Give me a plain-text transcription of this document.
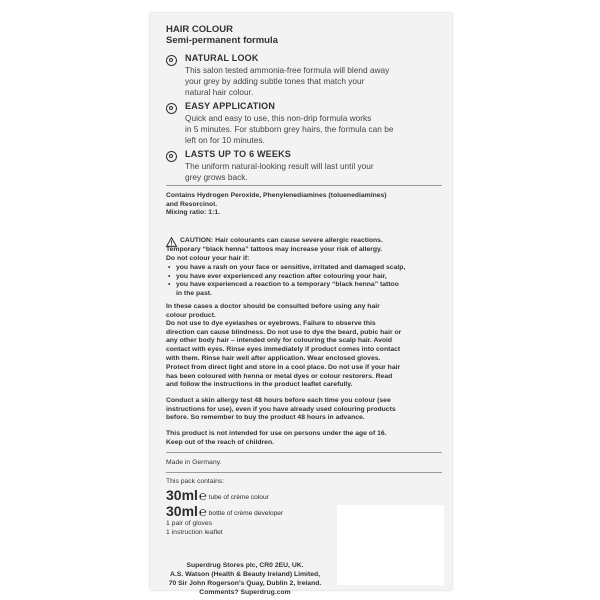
HAIR COLOUR
Semi-permanent formula
NATURAL LOOK
This salon tested ammonia-free formula will blend away
your grey by adding subtle tones that match your
natural hair colour.
EASY APPLICATION
Quick and easy to use, this non-drip formula works
in 5 minutes. For stubborn grey hairs, the formula can be
left on for 10 minutes.
LASTS UP TO 6 WEEKS
The uniform natural-looking result will last until your
grey grows back.
Contains Hydrogen Peroxide, Phenylenediamines (toluenediamines)
and Resorcinol.
Mixing ratio: 1:1.
CAUTION: Hair colourants can cause severe allergic reactions.
Temporary “black henna” tattoos may increase your risk of allergy.
Do not colour your hair if:
• you have a rash on your face or sensitive, irritated and damaged scalp,
• you have ever experienced any reaction after colouring your hair,
• you have experienced a reaction to a temporary “black henna” tattoo
in the past.
In these cases a doctor should be consulted before using any hair
colour product.
Do not use to dye eyelashes or eyebrows. Failure to observe this
direction can cause blindness. Do not use to dye the beard, pubic hair or
any other body hair – intended only for colouring the scalp hair. Avoid
contact with eyes. Rinse eyes immediately if product comes into contact
with them. Rinse hair well after application. Wear enclosed gloves.
Protect from direct light and store in a cool place. Do not use if your hair
has been coloured with henna or metal dyes or colour restorers. Read
and follow the instructions in the product leaflet carefully.
Conduct a skin allergy test 48 hours before each time you colour (see
instructions for use), even if you have already used colouring products
before. So remember to buy the product 48 hours in advance.
This product is not intended for use on persons under the age of 16.
Keep out of the reach of children.
Made in Germany.
This pack contains:
30ml℮ tube of crème colour
30ml℮ bottle of crème developer
1 pair of gloves
1 instruction leaflet
Superdrug Stores plc, CR0 2EU, UK.
A.S. Watson (Health & Beauty Ireland) Limited,
70 Sir John Rogerson's Quay, Dublin 2, Ireland.
Comments? Superdrug.com
